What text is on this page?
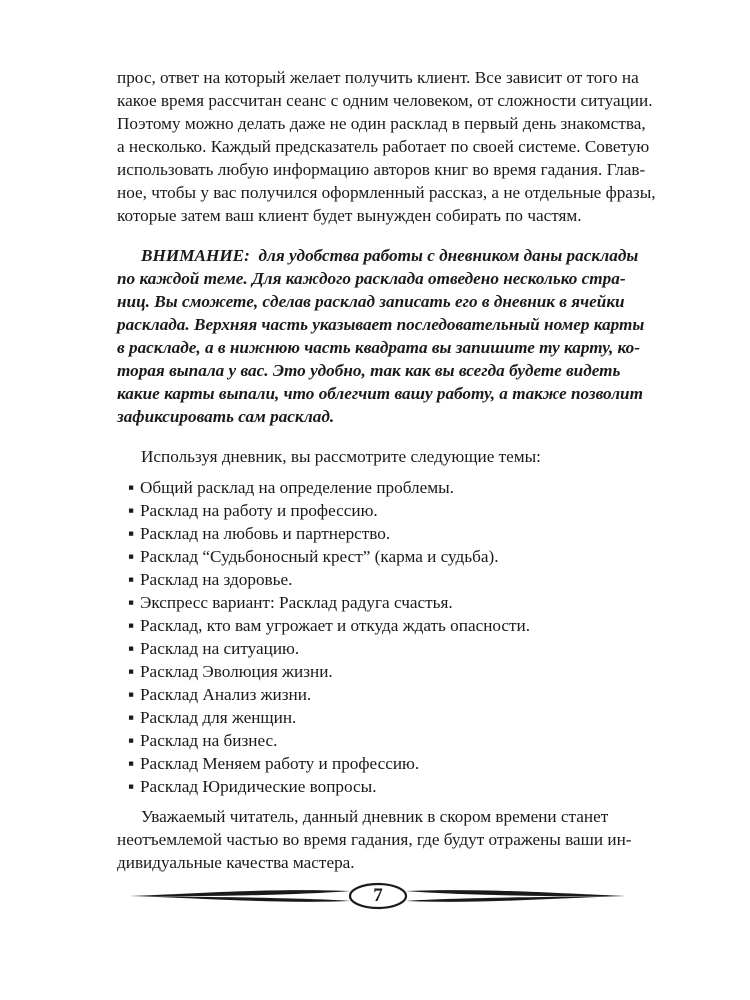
прос, ответ на который желает получить клиент. Все зависит от того на
какое время рассчитан сеанс с одним человеком, от сложности ситуации.
Поэтому можно делать даже не один расклад в первый день знакомства,
а несколько. Каждый предсказатель работает по своей системе. Советую
использовать любую информацию авторов книг во время гадания. Глав-
ное, чтобы у вас получился оформленный рассказ, а не отдельные фразы,
которые затем ваш клиент будет вынужден собирать по частям.
ВНИМАНИЕ:  для удобства работы с дневником даны расклады
по каждой теме. Для каждого расклада отведено несколько стра-
ниц. Вы сможете, сделав расклад записать его в дневник в ячейки
расклада. Верхняя часть указывает последовательный номер карты
в раскладе, а в нижнюю часть квадрата вы запишите ту карту, ко-
торая выпала у вас. Это удобно, так как вы всегда будете видеть
какие карты выпали, что облегчит вашу работу, а также позволит
зафиксировать сам расклад.
Используя дневник, вы рассмотрите следующие темы:
▪ Общий расклад на определение проблемы.
▪ Расклад на работу и профессию.
▪ Расклад на любовь и партнерство.
▪ Расклад “Судьбоносный крест” (карма и судьба).
▪ Расклад на здоровье.
▪ Экспресс вариант: Расклад радуга счастья.
▪ Расклад, кто вам угрожает и откуда ждать опасности.
▪ Расклад на ситуацию.
▪ Расклад Эволюция жизни.
▪ Расклад Анализ жизни.
▪ Расклад для женщин.
▪ Расклад на бизнес.
▪ Расклад Меняем работу и профессию.
▪ Расклад Юридические вопросы.
Уважаемый читатель, данный дневник в скором времени станет
неотъемлемой частью во время гадания, где будут отражены ваши ин-
дивидуальные качества мастера.
7
